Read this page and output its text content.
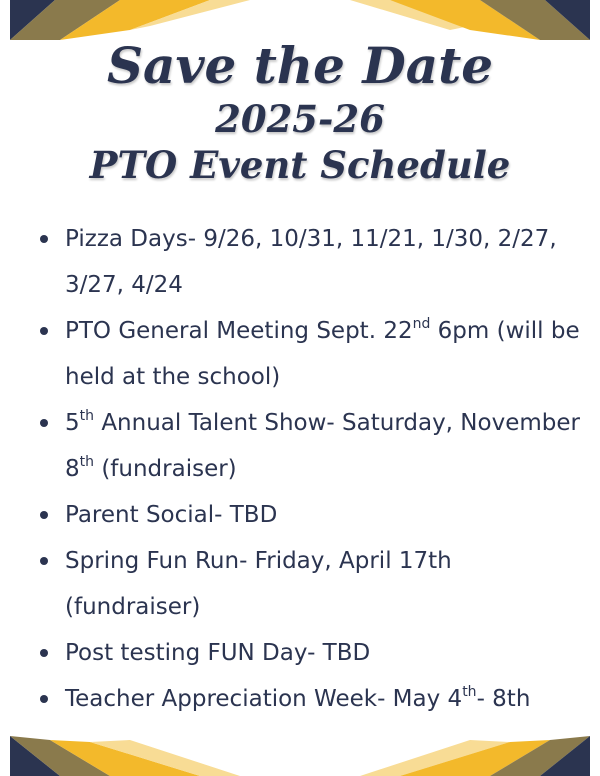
Save the Date
2025-26
PTO Event Schedule
Pizza Days- 9/26, 10/31, 11/21, 1/30, 2/27, 3/27, 4/24
PTO General Meeting Sept. 22nd 6pm (will be held at the school)
5th Annual Talent Show- Saturday, November 8th (fundraiser)
Parent Social- TBD
Spring Fun Run- Friday, April 17th (fundraiser)
Post testing FUN Day- TBD
Teacher Appreciation Week- May 4th- 8th
